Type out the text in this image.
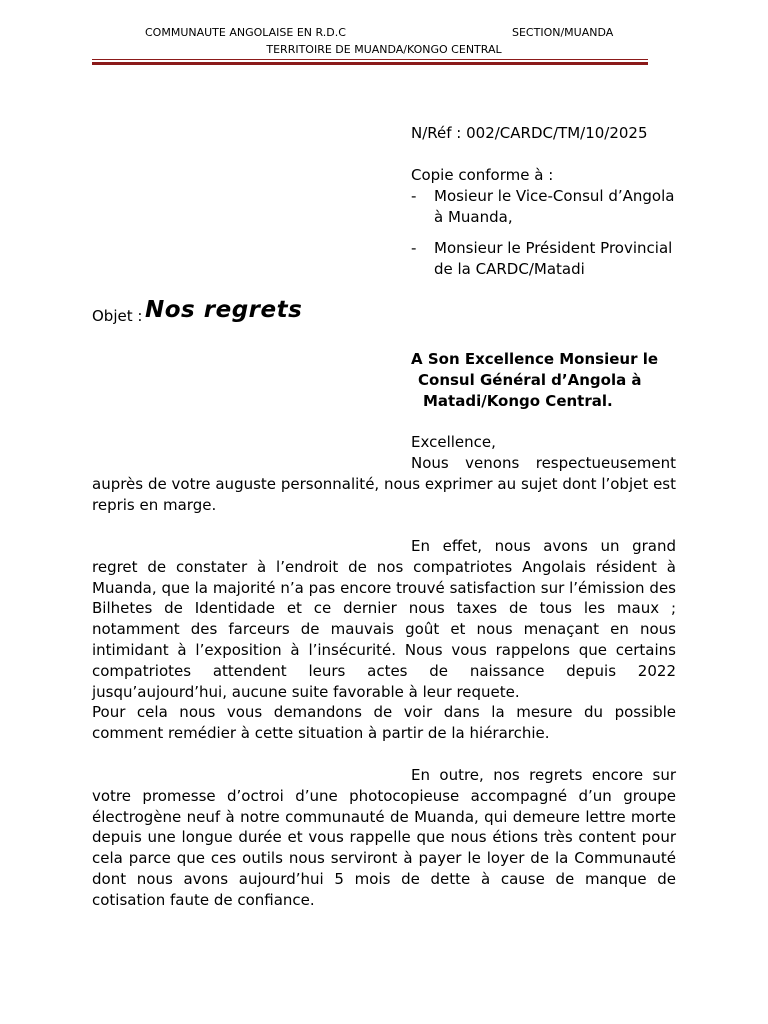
COMMUNAUTE ANGOLAISE EN R.D.C	SECTION/MUANDA
TERRITOIRE DE MUANDA/KONGO CENTRAL
N/Réf : 002/CARDC/TM/10/2025
Copie conforme à :
- Mosieur le Vice-Consul d’Angola à Muanda,
- Monsieur le Président Provincial de la CARDC/Matadi
Objet : Nos regrets
A Son Excellence Monsieur le
Consul Général d’Angola à
Matadi/Kongo Central.
Excellence,

Nous venons respectueusement auprès de votre auguste personnalité, nous exprimer au sujet dont l’objet est repris en marge.

En effet, nous avons un grand regret de constater à l’endroit de nos compatriotes Angolais résident à Muanda, que la majorité n’a pas encore trouvé satisfaction sur l’émission des Bilhetes de Identidade et ce dernier nous taxes de tous les maux ; notamment des farceurs de mauvais goût et nous menaçant en nous intimidant à l’exposition à l’insécurité. Nous vous rappelons que certains compatriotes attendent leurs actes de naissance depuis 2022 jusqu’aujourd’hui, aucune suite favorable à leur requete.

Pour cela nous vous demandons de voir dans la mesure du possible comment remédier à cette situation à partir de la hiérarchie.

En outre, nos regrets encore sur votre promesse d’octroi d’une photocopieuse accompagné d’un groupe électrogène neuf à notre communauté de Muanda, qui demeure lettre morte depuis une longue durée et vous rappelle que nous étions très content pour cela parce que ces outils nous serviront à payer le loyer de la Communauté dont nous avons aujourd’hui 5 mois de dette à cause de manque de cotisation faute de confiance.
